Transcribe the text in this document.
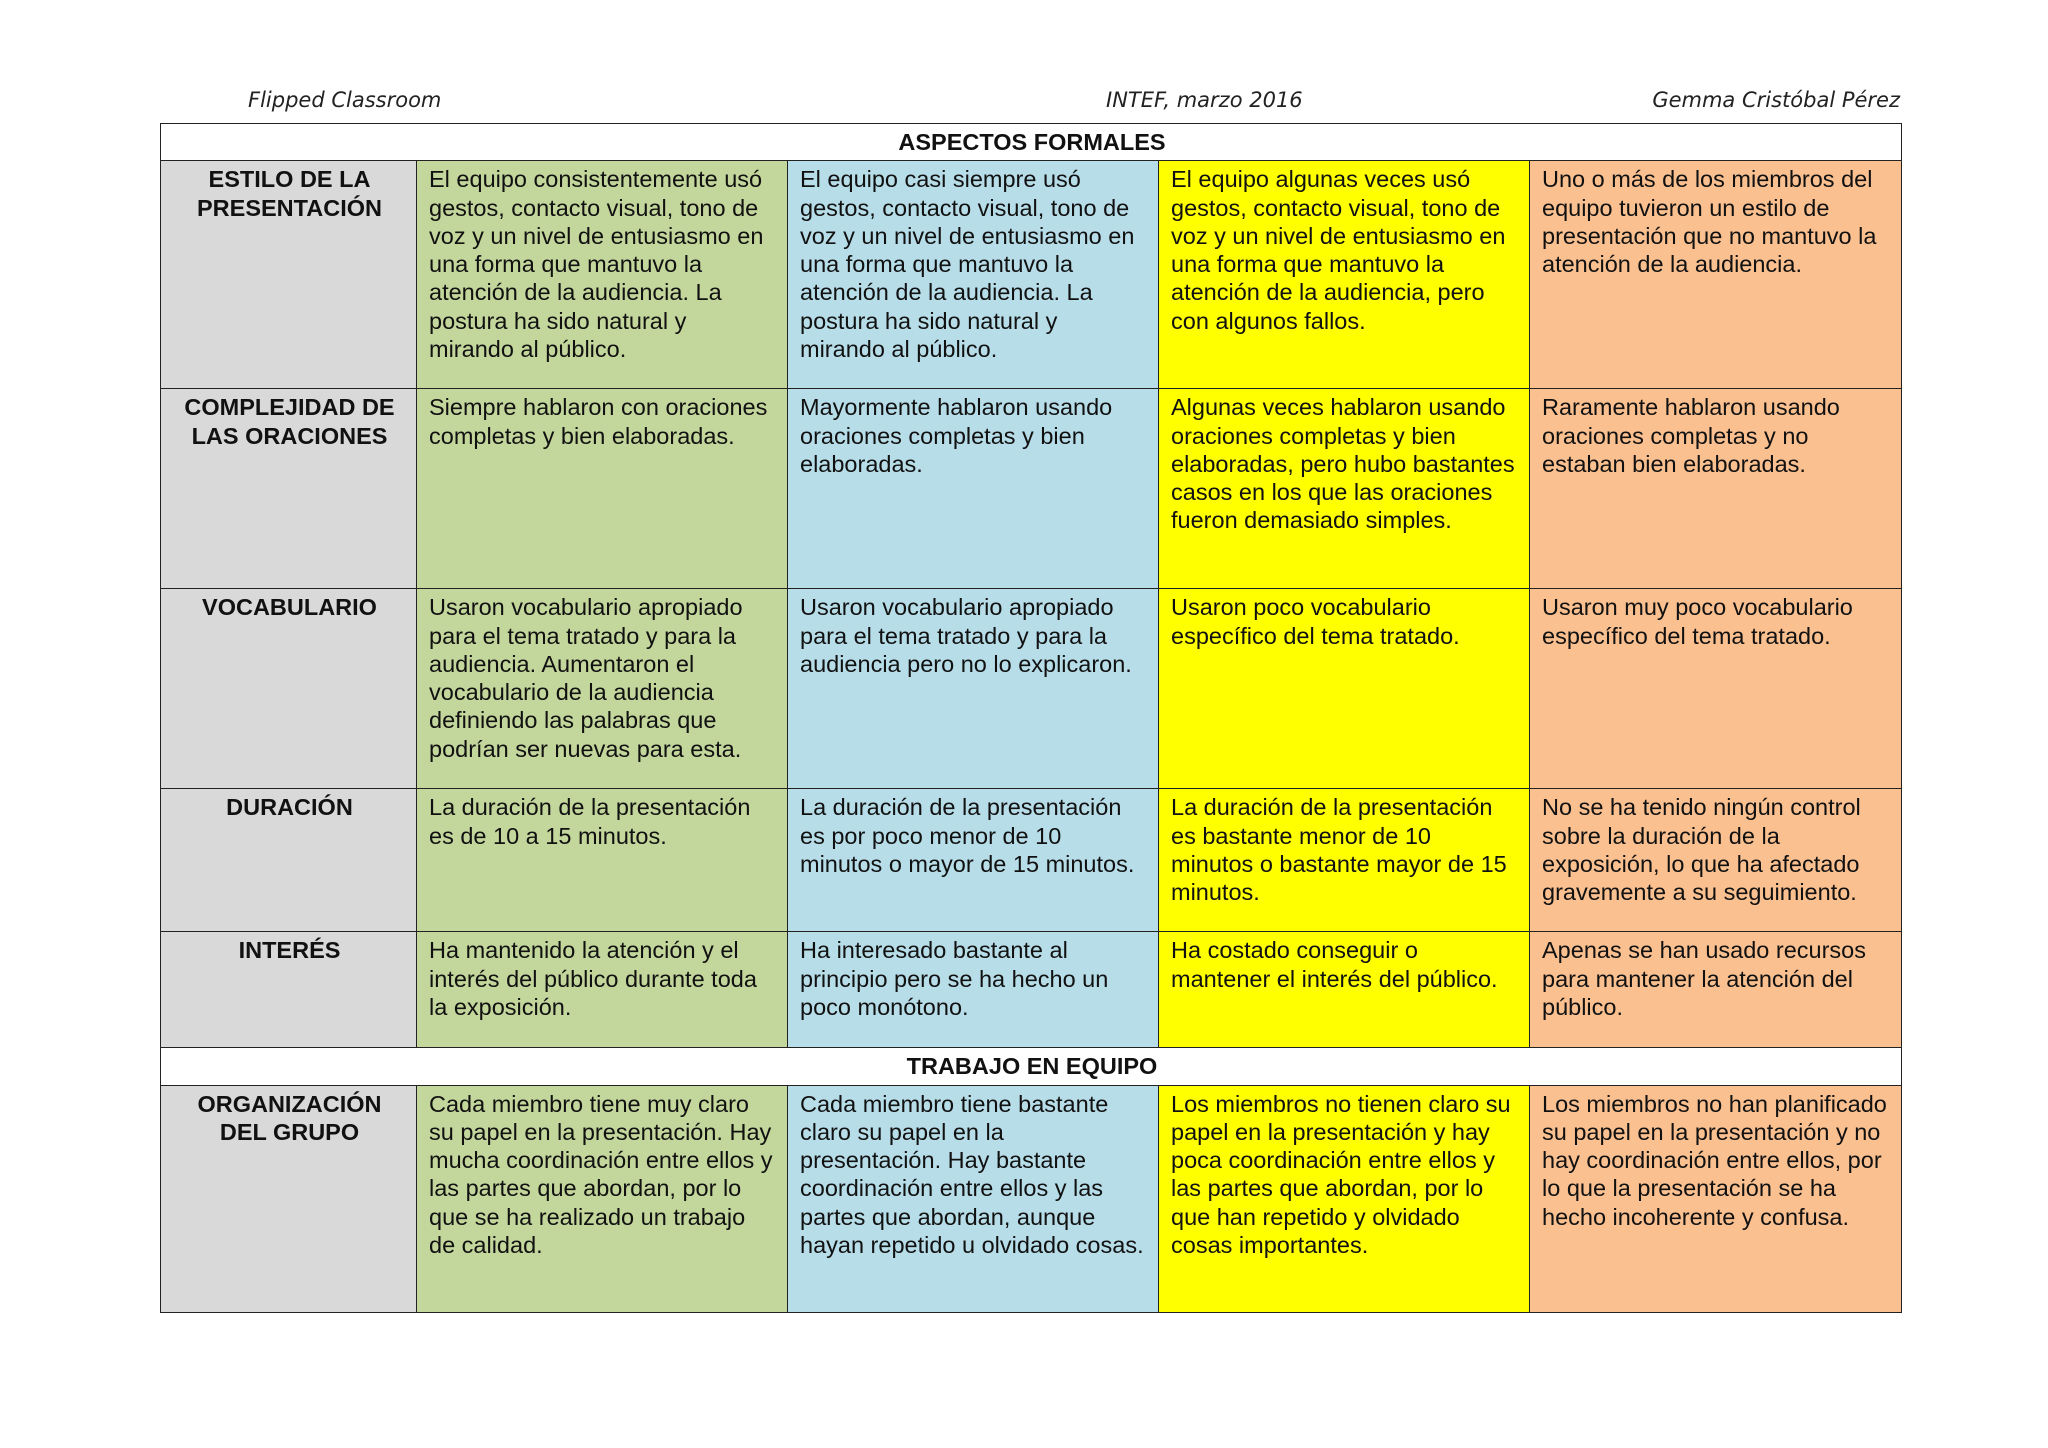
Flipped Classroom	INTEF, marzo 2016	Gemma Cristóbal Pérez
ASPECTOS FORMALES				
ESTILO DE LA PRESENTACIÓN	El equipo consistentemente usó gestos, contacto visual, tono de voz y un nivel de entusiasmo en una forma que mantuvo la atención de la audiencia. La postura ha sido natural y mirando al público.	El equipo casi siempre usó gestos, contacto visual, tono de voz y un nivel de entusiasmo en una forma que mantuvo la atención de la audiencia. La postura ha sido natural y mirando al público.	El equipo algunas veces usó gestos, contacto visual, tono de voz y un nivel de entusiasmo en una forma que mantuvo la atención de la audiencia, pero con algunos fallos.	Uno o más de los miembros del equipo tuvieron un estilo de presentación que no mantuvo la atención de la audiencia.
COMPLEJIDAD DE LAS ORACIONES	Siempre hablaron con oraciones completas y bien elaboradas.	Mayormente hablaron usando oraciones completas y bien elaboradas.	Algunas veces hablaron usando oraciones completas y bien elaboradas, pero hubo bastantes casos en los que las oraciones fueron demasiado simples.	Raramente hablaron usando oraciones completas y no estaban bien elaboradas.
VOCABULARIO	Usaron vocabulario apropiado para el tema tratado y para la audiencia. Aumentaron el vocabulario de la audiencia definiendo las palabras que podrían ser nuevas para esta.	Usaron vocabulario apropiado para el tema tratado y para la audiencia pero no lo explicaron.	Usaron poco vocabulario específico del tema tratado.	Usaron muy poco vocabulario específico del tema tratado.
DURACIÓN	La duración de la presentación es de 10 a 15 minutos.	La duración de la presentación es por poco menor de 10 minutos o mayor de 15 minutos.	La duración de la presentación es bastante menor de 10 minutos o bastante mayor de 15 minutos.	No se ha tenido ningún control sobre la duración de la exposición, lo que ha afectado gravemente a su seguimiento.
INTERÉS	Ha mantenido la atención y el interés del público durante toda la exposición.	Ha interesado bastante al principio pero se ha hecho un poco monótono.	Ha costado conseguir o mantener el interés del público.	Apenas se han usado recursos para mantener la atención del público.
TRABAJO EN EQUIPO				
ORGANIZACIÓN DEL GRUPO	Cada miembro tiene muy claro su papel en la presentación. Hay mucha coordinación entre ellos y las partes que abordan, por lo que se ha realizado un trabajo de calidad.	Cada miembro tiene bastante claro su papel en la presentación. Hay bastante coordinación entre ellos y las partes que abordan, aunque hayan repetido u olvidado cosas.	Los miembros no tienen claro su papel en la presentación y hay poca coordinación entre ellos y las partes que abordan, por lo que han repetido y olvidado cosas importantes.	Los miembros no han planificado su papel en la presentación y no hay coordinación entre ellos, por lo que la presentación se ha hecho incoherente y confusa.
